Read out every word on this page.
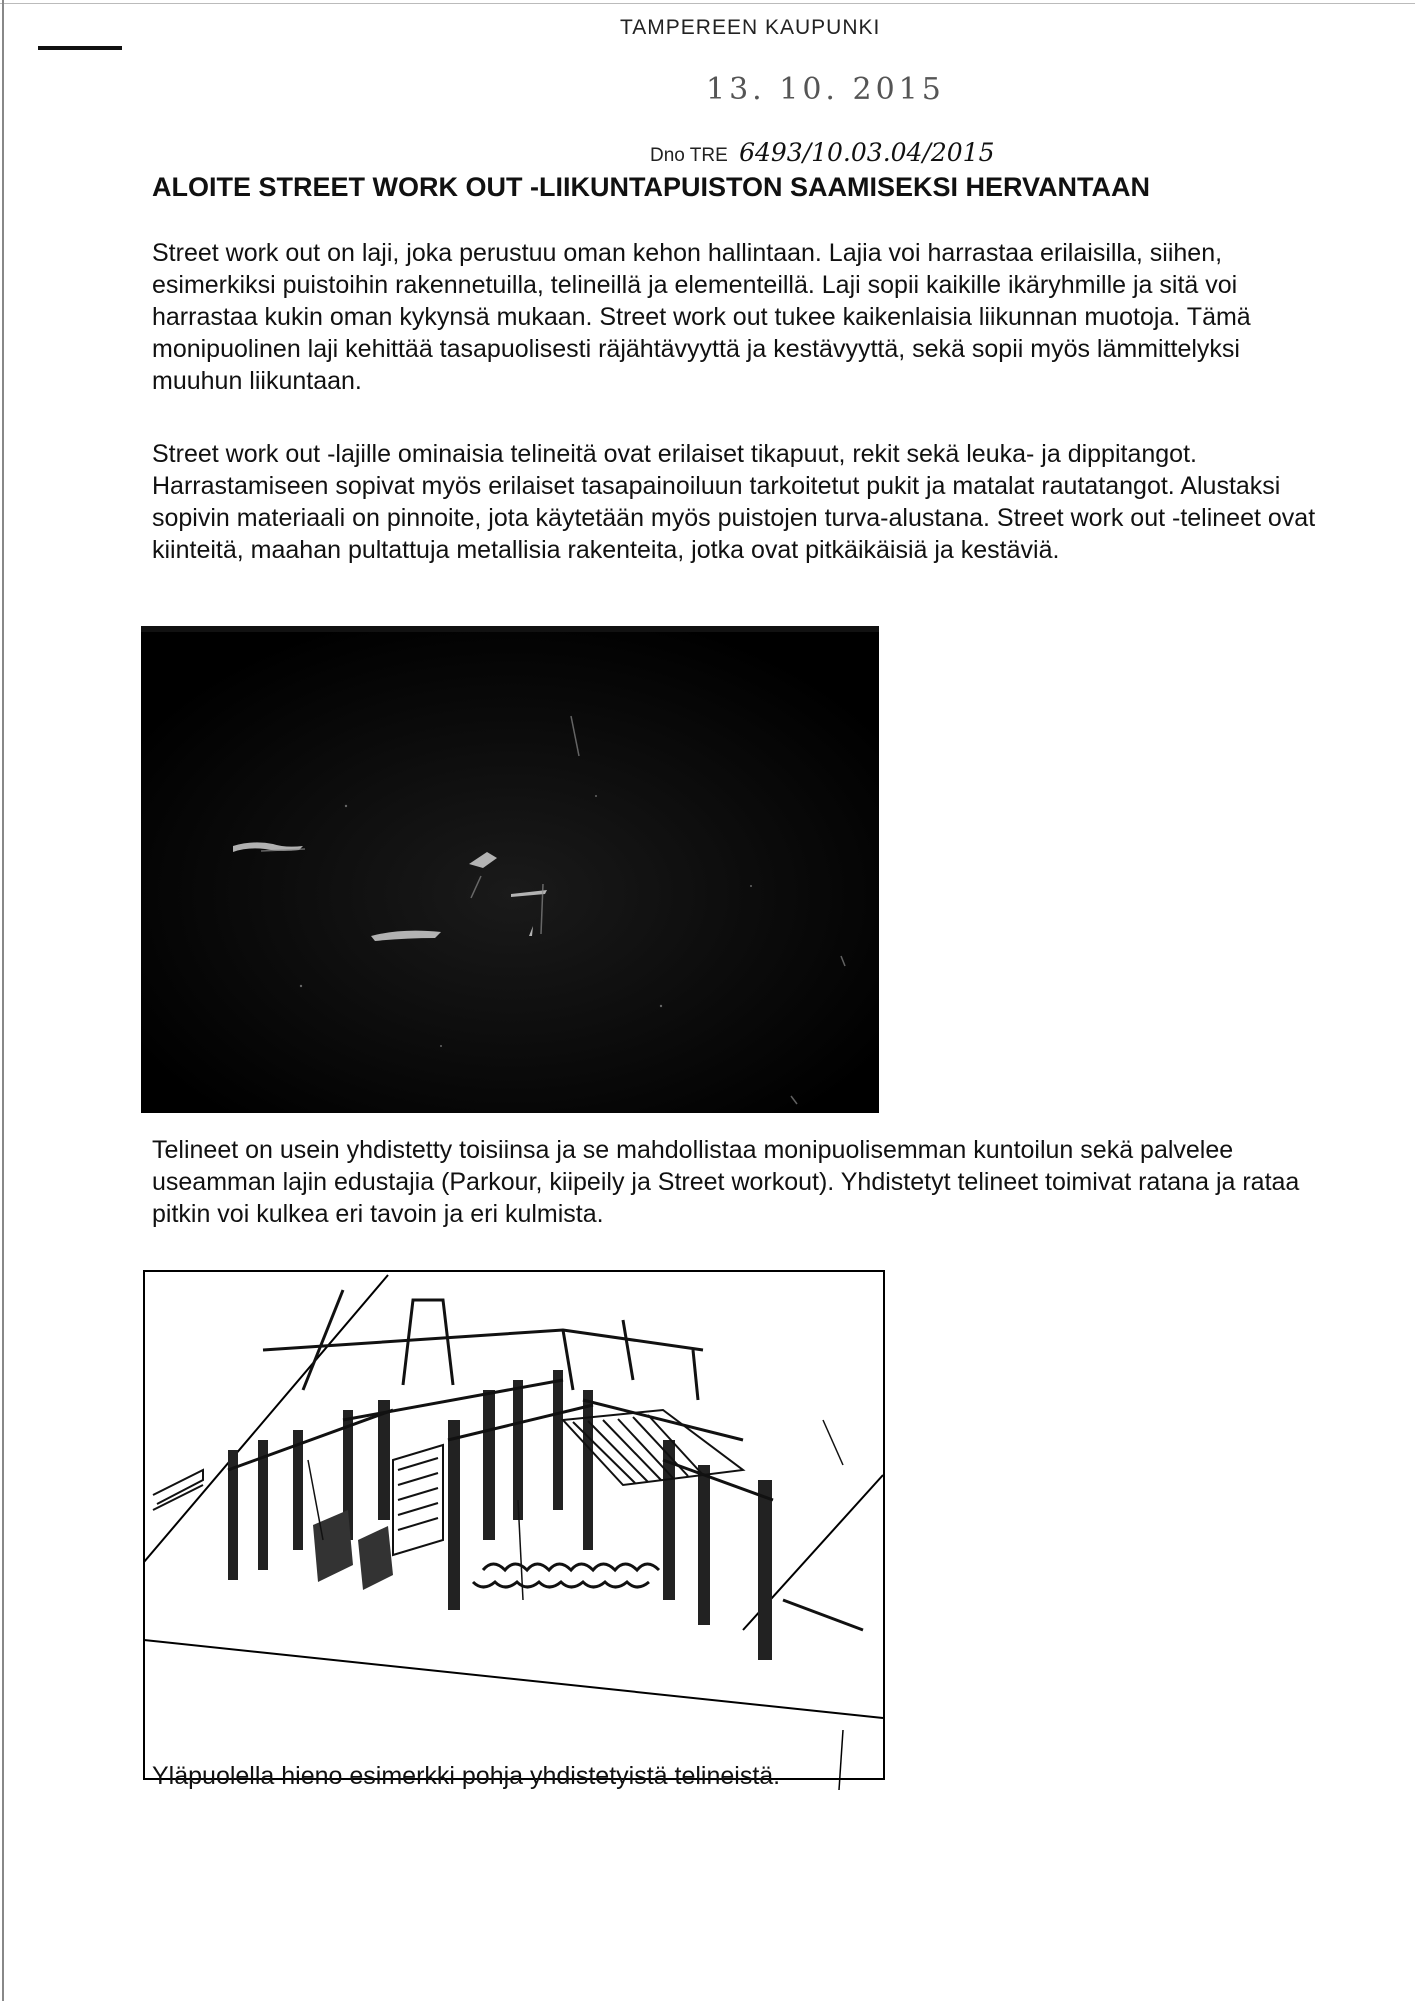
TAMPEREEN KAUPUNKI
13. 10. 2015
Dno TRE 6493/10.03.04/2015
ALOITE STREET WORK OUT -LIIKUNTAPUISTON SAAMISEKSI HERVANTAAN
Street work out on laji, joka perustuu oman kehon hallintaan. Lajia voi harrastaa erilaisilla, siihen, esimerkiksi puistoihin rakennetuilla, telineillä ja elementeillä. Laji sopii kaikille ikäryhmille ja sitä voi harrastaa kukin oman kykynsä mukaan. Street work out tukee kaikenlaisia liikunnan muotoja. Tämä monipuolinen laji kehittää tasapuolisesti räjähtävyyttä ja kestävyyttä, sekä sopii myös lämmittelyksi muuhun liikuntaan.
Street work out -lajille ominaisia telineitä ovat erilaiset tikapuut, rekit sekä leuka- ja dippitangot. Harrastamiseen sopivat myös erilaiset tasapainoiluun tarkoitetut pukit ja matalat rautatangot. Alustaksi sopivin materiaali on pinnoite, jota käytetään myös puistojen turva-alustana. Street work out -telineet ovat kiinteitä, maahan pultattuja metallisia rakenteita, jotka ovat pitkäikäisiä ja kestäviä.
Telineet on usein yhdistetty toisiinsa ja se mahdollistaa monipuolisemman kuntoilun sekä palvelee useamman lajin edustajia (Parkour, kiipeily ja Street workout). Yhdistetyt telineet toimivat ratana ja rataa pitkin voi kulkea eri tavoin ja eri kulmista.
Yläpuolella hieno esimerkki pohja yhdistetyistä telineistä.
